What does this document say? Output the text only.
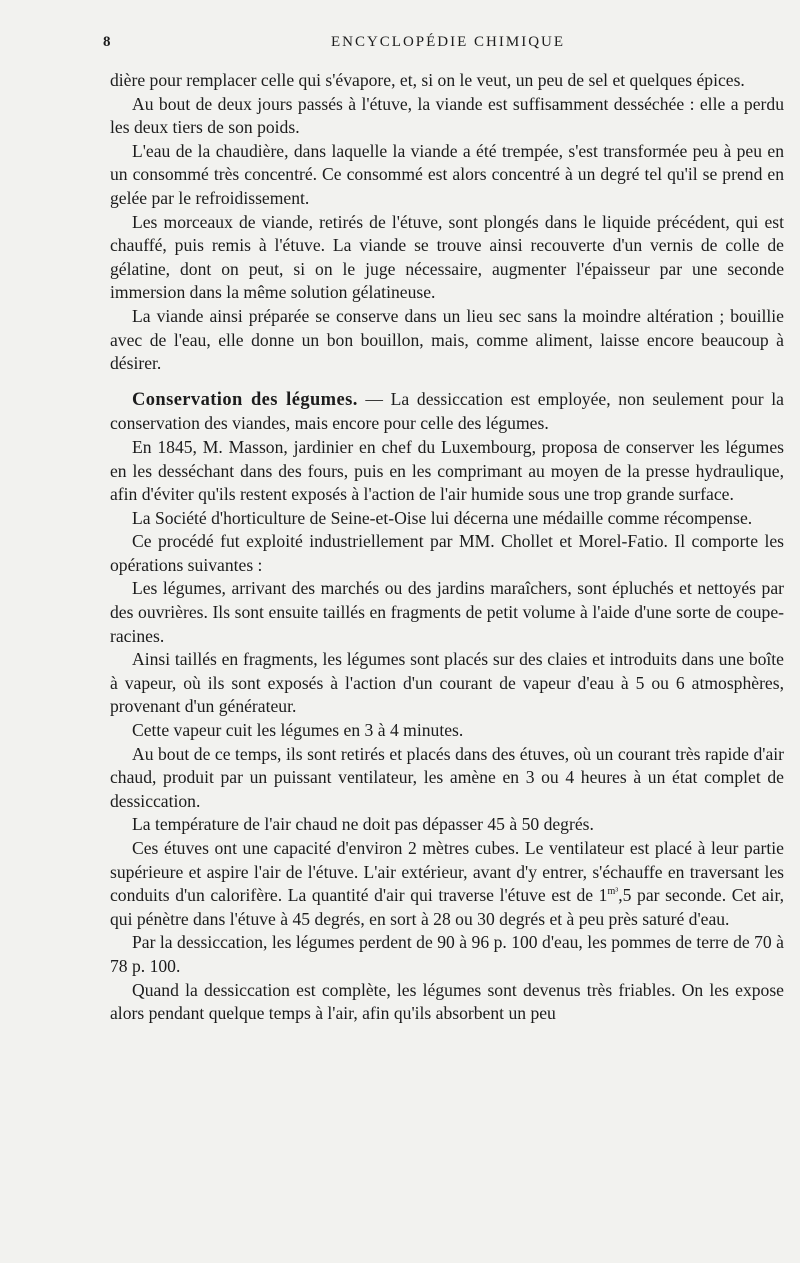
8	ENCYCLOPÉDIE CHIMIQUE

dière pour remplacer celle qui s'évapore, et, si on le veut, un peu de sel et quelques épices.

Au bout de deux jours passés à l'étuve, la viande est suffisamment desséchée : elle a perdu les deux tiers de son poids.

L'eau de la chaudière, dans laquelle la viande a été trempée, s'est transformée peu à peu en un consommé très concentré. Ce consommé est alors concentré à un degré tel qu'il se prend en gelée par le refroidissement.

Les morceaux de viande, retirés de l'étuve, sont plongés dans le liquide précédent, qui est chauffé, puis remis à l'étuve. La viande se trouve ainsi recouverte d'un vernis de colle de gélatine, dont on peut, si on le juge nécessaire, augmenter l'épaisseur par une seconde immersion dans la même solution gélatineuse.

La viande ainsi préparée se conserve dans un lieu sec sans la moindre altération ; bouillie avec de l'eau, elle donne un bon bouillon, mais, comme aliment, laisse encore beaucoup à désirer.

Conservation des légumes. — La dessiccation est employée, non seulement pour la conservation des viandes, mais encore pour celle des légumes.

En 1845, M. Masson, jardinier en chef du Luxembourg, proposa de conserver les légumes en les desséchant dans des fours, puis en les comprimant au moyen de la presse hydraulique, afin d'éviter qu'ils restent exposés à l'action de l'air humide sous une trop grande surface.

La Société d'horticulture de Seine-et-Oise lui décerna une médaille comme récompense.

Ce procédé fut exploité industriellement par MM. Chollet et Morel-Fatio. Il comporte les opérations suivantes :

Les légumes, arrivant des marchés ou des jardins maraîchers, sont épluchés et nettoyés par des ouvrières. Ils sont ensuite taillés en fragments de petit volume à l'aide d'une sorte de coupe-racines.

Ainsi taillés en fragments, les légumes sont placés sur des claies et introduits dans une boîte à vapeur, où ils sont exposés à l'action d'un courant de vapeur d'eau à 5 ou 6 atmosphères, provenant d'un générateur.

Cette vapeur cuit les légumes en 3 à 4 minutes.

Au bout de ce temps, ils sont retirés et placés dans des étuves, où un courant très rapide d'air chaud, produit par un puissant ventilateur, les amène en 3 ou 4 heures à un état complet de dessiccation.

La température de l'air chaud ne doit pas dépasser 45 à 50 degrés.

Ces étuves ont une capacité d'environ 2 mètres cubes. Le ventilateur est placé à leur partie supérieure et aspire l'air de l'étuve. L'air extérieur, avant d'y entrer, s'échauffe en traversant les conduits d'un calorifère. La quantité d'air qui traverse l'étuve est de $1^{m^3},5$ par seconde. Cet air, qui pénètre dans l'étuve à 45 degrés, en sort à 28 ou 30 degrés et à peu près saturé d'eau.

Par la dessiccation, les légumes perdent de 90 à 96 p. 100 d'eau, les pommes de terre de 70 à 78 p. 100.

Quand la dessiccation est complète, les légumes sont devenus très friables. On les expose alors pendant quelque temps à l'air, afin qu'ils absorbent un peu
